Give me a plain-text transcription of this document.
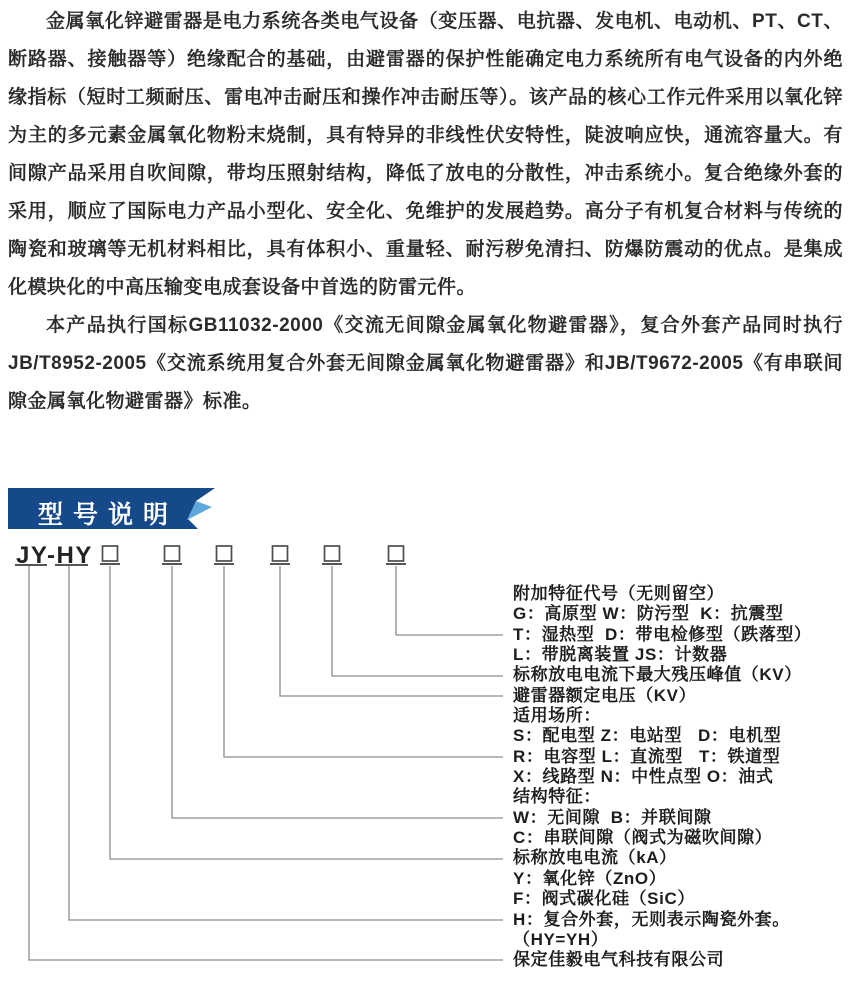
金属氧化锌避雷器是电力系统各类电气设备（变压器、电抗器、发电机、电动机、PT、CT、断路器、接触器等）绝缘配合的基础，由避雷器的保护性能确定电力系统所有电气设备的内外绝缘指标（短时工频耐压、雷电冲击耐压和操作冲击耐压等）。该产品的核心工作元件采用以氧化锌为主的多元素金属氧化物粉末烧制，具有特异的非线性伏安特性，陡波响应快，通流容量大。有间隙产品采用自吹间隙，带均压照射结构，降低了放电的分散性，冲击系统小。复合绝缘外套的采用，顺应了国际电力产品小型化、安全化、免维护的发展趋势。高分子有机复合材料与传统的陶瓷和玻璃等无机材料相比，具有体积小、重量轻、耐污秽免清扫、防爆防震动的优点。是集成化模块化的中高压输变电成套设备中首选的防雷元件。

本产品执行国标GB11032-2000《交流无间隙金属氧化物避雷器》，复合外套产品同时执行JB/T8952-2005《交流系统用复合外套无间隙金属氧化物避雷器》和JB/T9672-2005《有串联间隙金属氧化物避雷器》标准。

型号说明
JY-HY
附加特征代号（无则留空）
G：高原型 W：防污型  K：抗震型
T：湿热型  D：带电检修型（跌落型）
L：带脱离装置 JS：计数器
标称放电电流下最大残压峰值（KV）
避雷器额定电压（KV）
适用场所：
S：配电型 Z：电站型   D：电机型
R：电容型 L：直流型   T：铁道型
X：线路型 N：中性点型 O：油式
结构特征：
W：无间隙  B：并联间隙
C：串联间隙（阀式为磁吹间隙）
标称放电电流（kA）
Y：氧化锌（ZnO）
F：阀式碳化硅（SiC）
H：复合外套，无则表示陶瓷外套。
（HY=YH）
保定佳毅电气科技有限公司
